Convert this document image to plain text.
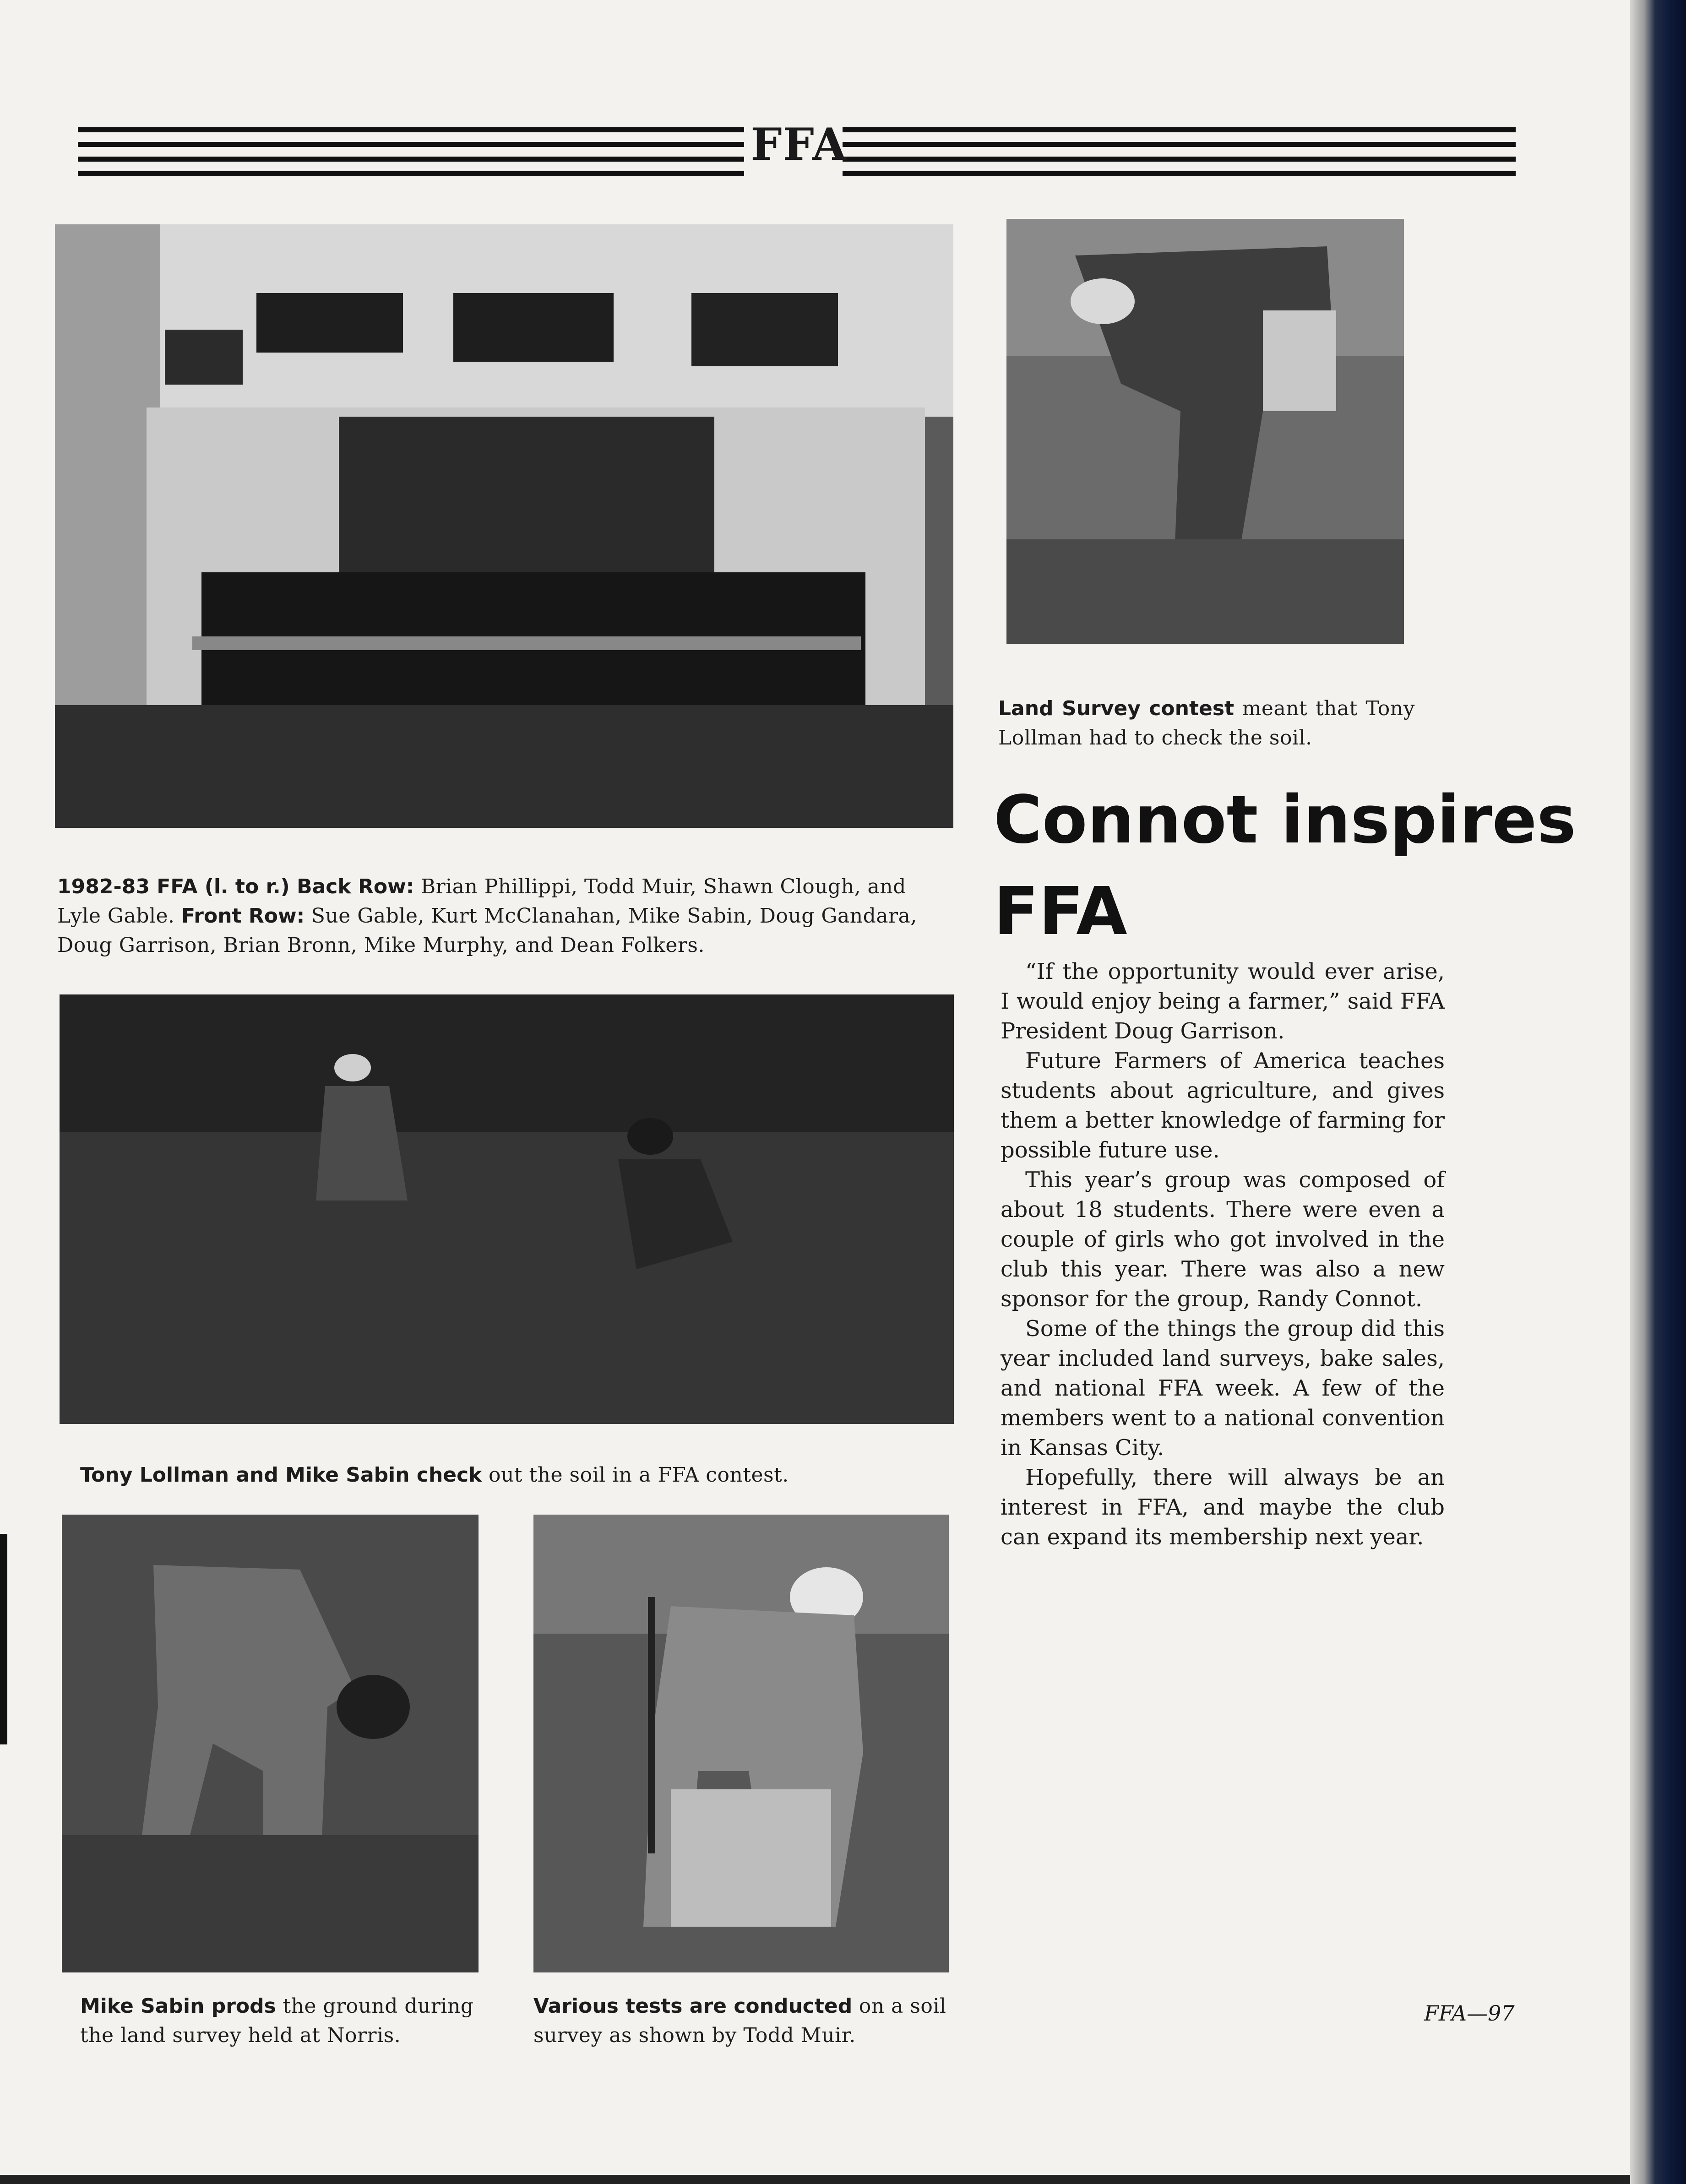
FFA
1982-83 FFA (l. to r.) Back Row: Brian Phillippi, Todd Muir, Shawn Clough, and Lyle Gable. Front Row: Sue Gable, Kurt McClanahan, Mike Sabin, Doug Gandara, Doug Garrison, Brian Bronn, Mike Murphy, and Dean Folkers.
Land Survey contest meant that Tony Lollman had to check the soil.
Tony Lollman and Mike Sabin check out the soil in a FFA contest.
Mike Sabin prods the ground during the land survey held at Norris.
Various tests are conducted on a soil survey as shown by Todd Muir.
Connot inspires FFA

“If the opportunity would ever arise, I would enjoy being a farmer,” said FFA President Doug Garrison.

Future Farmers of America teaches students about agriculture, and gives them a better knowledge of farming for possible future use.

This year’s group was composed of about 18 students. There were even a couple of girls who got involved in the club this year. There was also a new sponsor for the group, Randy Connot.

Some of the things the group did this year included land surveys, bake sales, and national FFA week. A few of the members went to a national convention in Kansas City.

Hopefully, there will always be an interest in FFA, and maybe the club can expand its membership next year.

FFA—97
